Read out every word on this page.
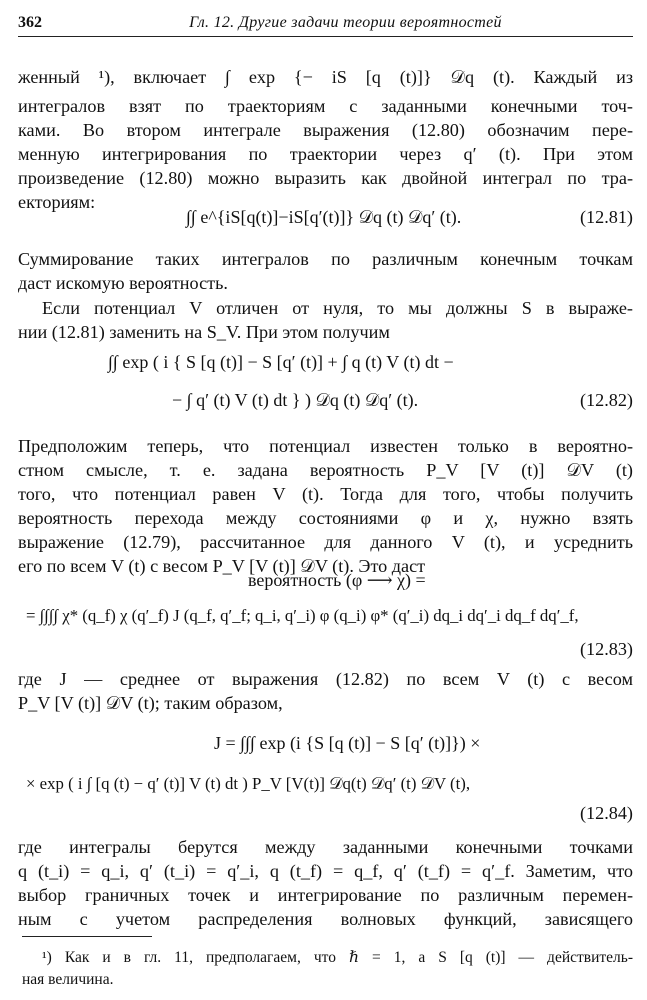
362	Гл. 12. Другие задачи теории вероятностей
женный ¹), включает ∫ exp {− iS [q (t)]} 𝒟q (t). Каждый из
интегралов взят по траекториям с заданными конечными точ-
ками. Во втором интеграле выражения (12.80) обозначим пере-
менную интегрирования по траектории через q′ (t). При этом
произведение (12.80) можно выразить как двойной интеграл по тра-
екториям:
∫∫ e^{iS[q(t)]−iS[q′(t)]} 𝒟q (t) 𝒟q′ (t).	(12.81)
Суммирование таких интегралов по различным конечным точкам
даст искомую вероятность.
Если потенциал V отличен от нуля, то мы должны S в выраже-
нии (12.81) заменить на S_V. При этом получим
∫∫ exp ( i { S [q (t)] − S [q′ (t)] + ∫ q (t) V (t) dt −
− ∫ q′ (t) V (t) dt } ) 𝒟q (t) 𝒟q′ (t).	(12.82)
Предположим теперь, что потенциал известен только в вероятно-
стном смысле, т. е. задана вероятность P_V [V (t)] 𝒟V (t)
того, что потенциал равен V (t). Тогда для того, чтобы получить
вероятность перехода между состояниями φ и χ, нужно взять
выражение (12.79), рассчитанное для данного V (t), и усреднить
его по всем V (t) с весом P_V [V (t)] 𝒟V (t). Это даст
вероятность (φ ⟶ χ) =
= ∫∫∫∫ χ* (q_f) χ (q′_f) J (q_f, q′_f; q_i, q′_i) φ (q_i) φ* (q′_i) dq_i dq′_i dq_f dq′_f,
(12.83)
где J — среднее от выражения (12.82) по всем V (t) с весом
P_V [V (t)] 𝒟V (t); таким образом,
J = ∫∫∫ exp (i {S [q (t)] − S [q′ (t)]}) ×
× exp ( i ∫ [q (t) − q′ (t)] V (t) dt ) P_V [V(t)] 𝒟q(t) 𝒟q′ (t) 𝒟V (t),
(12.84)
где интегралы берутся между заданными конечными точками
q (t_i) = q_i, q′ (t_i) = q′_i, q (t_f) = q_f, q′ (t_f) = q′_f. Заметим, что
выбор граничных точек и интегрирование по различным перемен-
ным с учетом распределения волновых функций, зависящего
¹) Как и в гл. 11, предполагаем, что ℏ = 1, а S [q (t)] — действитель-
ная величина.
